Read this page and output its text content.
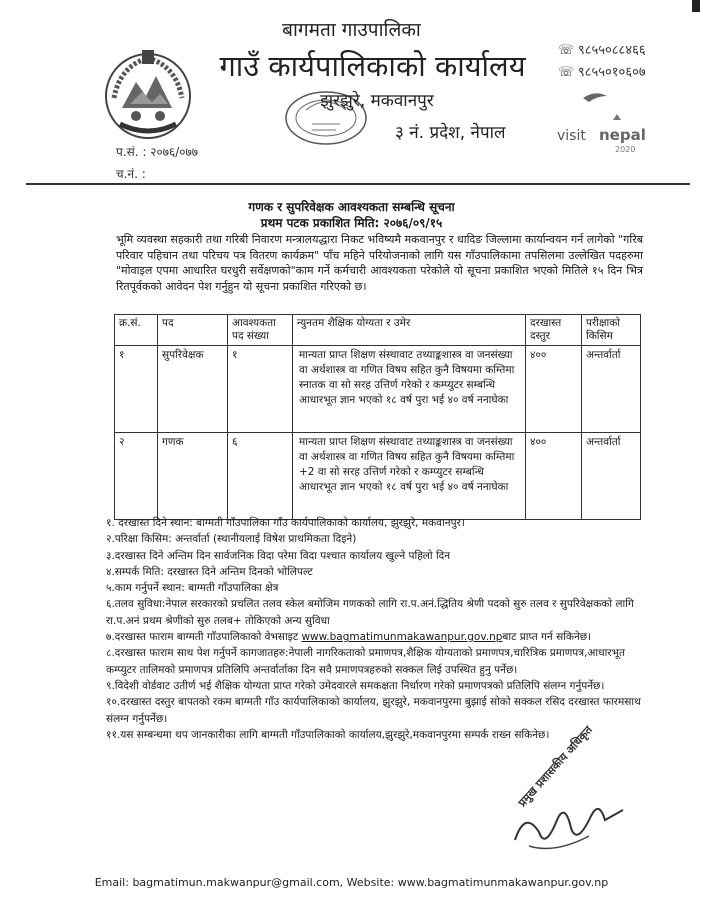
बागमता गाउपालिका
गाउँ कार्यपालिकाको कार्यालय
झुरझुरे, मकवानपुर
३ नं. प्रदेश, नेपाल
☏ ९८५५०८८४६६
☏ ९८५५०१०६०७
visit nepal
2020
प.सं. : २०७६/०७७
च.नं. :
गणक र सुपरिवेक्षक आवश्यकता सम्बन्धि सूचना
प्रथम पटक प्रकाशित मिति: २०७६/०९/१५
भूमि व्यवस्था सहकारी तथा गरिबी निवारण मन्त्रालयद्धारा निकट भविष्यमै मकवानपुर र धादिङ जिल्लामा कार्यान्वयन गर्न लागेको "गरिब परिवार पहिचान तथा परिचय पत्र वितरण कार्यक्रम" पाँच महिने परियोजनाको लागि यस गाँउपालिकामा तपसिलमा उल्लेखित पदहरुमा "मोवाइल एपमा आधारित घरधुरी सर्वेक्षणको"काम गर्ने कर्मचारी आवश्यकता परेकोले यो सूचना प्रकाशित भएको मितिले १५ दिन भित्र रितपूर्वकको आवेदन पेश गर्नुहुन यो सूचना प्रकाशित गरिएको छ।
क्र.सं.	पद	आवश्यकता पद संख्या	न्युनतम शैक्षिक योग्यता र उमेर	दरखास्त दस्तुर	परीक्षाको किसिम
१	सुपरिवेक्षक	१	मान्यता प्राप्त शिक्षण संस्थावाट तथ्याङ्कशास्त्र वा जनसंख्या वा अर्थशास्त्र वा गणित विषय सहित कुनै विषयमा कम्तिमा स्नातक वा सो सरह उत्तिर्ण गरेको र कम्प्युटर सम्बन्धि आधारभूत ज्ञान भएको १८ वर्ष पुरा भई ४० वर्ष ननाघेका	४००	अन्तर्वार्ता
२	गणक	६	मान्यता प्राप्त शिक्षण संस्थावाट तथ्याङ्कशास्त्र वा जनसंख्या वा अर्थशास्त्र वा गणित विषय सहित कुनै विषयमा कम्तिमा +2 वा सो सरह उत्तिर्ण गरेको र कम्प्युटर सम्बन्धि आधारभूत ज्ञान भएको १८ वर्ष पुरा भई ४० वर्ष ननाघेका	४००	अन्तर्वार्ता
१. दरखास्त दिने स्थान: बाग्मती गाँउपालिका गाँउ कार्यपालिकाको कार्यालय, झुरझुरे, मकवानपुर।
२.परिक्षा किसिम: अन्तर्वार्ता (स्थानीयलाई विषेश प्राथमिकता दिइने)
३.दरखास्त दिने अन्तिम दिन सार्वजनिक विदा परेमा विदा पश्चात कार्यालय खुल्ने पहिलो दिन
४.सम्पर्क मिति: दरखास्त दिने अन्तिम दिनको भोलिपल्ट
५.काम गर्नुपर्ने स्थान: बाग्मती गाँउपालिका क्षेत्र
६.तलव सुविधा:नेपाल सरकारको प्रचलित तलव स्केल बमोजिम गणकको लागि रा.प.अनं.द्धितिय श्रेणी पदको सुरु तलव र सुपरिवेक्षकको लागि रा.प.अनं प्रथम श्रेणीको सुरु तलब+ तोकिएको अन्य सुविधा
७.दरखास्त फाराम बाग्मती गाँउपालिकाको वेभसाइट www.bagmatimunmakawanpur.gov.npबाट प्राप्त गर्न सकिनेछ।
८.दरखास्त फाराम साथ पेश गर्नुपर्ने कागजातहरु:नेपाली नागरिकताको प्रमाणपत्र,शैक्षिक योग्यताको प्रमाणपत्र,चारित्रिक प्रमाणपत्र,आधारभूत कम्प्युटर तालिमको प्रमाणपत्र प्रतिलिपि अन्तर्वार्ताका दिन सवै प्रमाणपत्रहरुको सक्कल लिई उपस्थित हुनु पर्नेछ।
९.विदेशी वोर्डवाट उतीर्ण भई शैक्षिक योग्यता प्राप्त गरेको उमेदवारले समकक्षता निर्धारण गरेको प्रमाणपत्रको प्रतिलिपि संलग्न गर्नुपर्नेछ।
१०.दरखास्त दस्तुर बापतको रकम बाग्मती गाँउ कार्यपालिकाको कार्यालय, झुरझुरे, मकवानपुरमा बुझाई सोको सक्कल रसिद दरखास्त फारमसाथ संलग्न गर्नुपर्नेछ।
११.यस सम्बन्धमा थप जानकारीका लागि बाग्मती गाँउपालिकाको कार्यालय,झुरझुरे,मकवानपुरमा सम्पर्क राख्न सकिनेछ।
प्रमुख प्रशासकीय अधिकृत
Email: bagmatimun.makwanpur@gmail.com, Website: www.bagmatimunmakawanpur.gov.np
